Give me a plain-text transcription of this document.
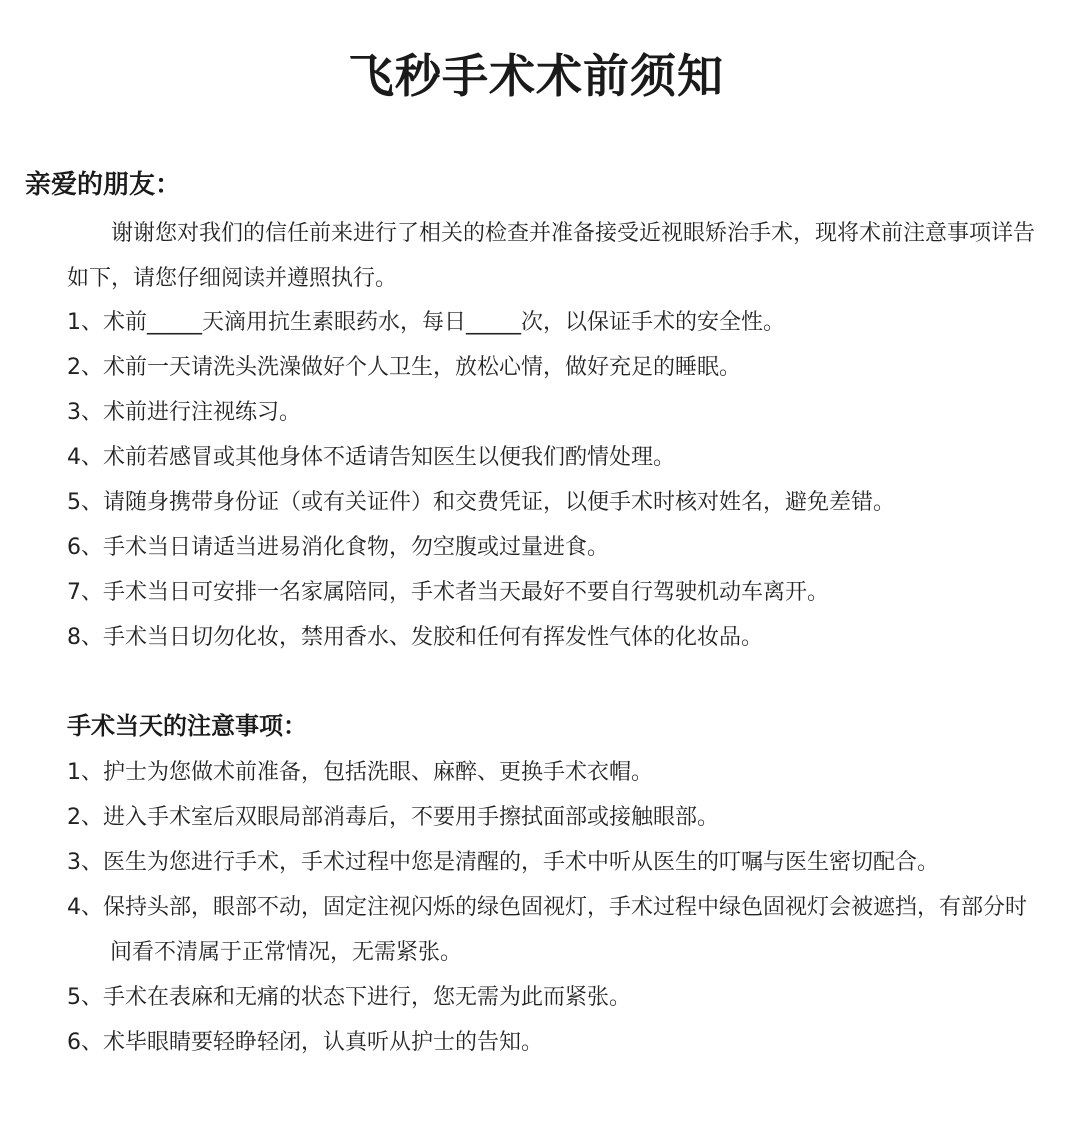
飞秒手术术前须知
亲爱的朋友：
谢谢您对我们的信任前来进行了相关的检查并准备接受近视眼矫治手术，现将术前注意事项详告如下，请您仔细阅读并遵照执行。
1、术前_____天滴用抗生素眼药水，每日_____次，以保证手术的安全性。
2、术前一天请洗头洗澡做好个人卫生，放松心情，做好充足的睡眠。
3、术前进行注视练习。
4、术前若感冒或其他身体不适请告知医生以便我们酌情处理。
5、请随身携带身份证（或有关证件）和交费凭证，以便手术时核对姓名，避免差错。
6、手术当日请适当进易消化食物，勿空腹或过量进食。
7、手术当日可安排一名家属陪同，手术者当天最好不要自行驾驶机动车离开。
8、手术当日切勿化妆，禁用香水、发胶和任何有挥发性气体的化妆品。
手术当天的注意事项：
1、护士为您做术前准备，包括洗眼、麻醉、更换手术衣帽。
2、进入手术室后双眼局部消毒后，不要用手擦拭面部或接触眼部。
3、医生为您进行手术，手术过程中您是清醒的，手术中听从医生的叮嘱与医生密切配合。
4、保持头部，眼部不动，固定注视闪烁的绿色固视灯，手术过程中绿色固视灯会被遮挡，有部分时间看不清属于正常情况，无需紧张。
5、手术在表麻和无痛的状态下进行，您无需为此而紧张。
6、术毕眼睛要轻睁轻闭，认真听从护士的告知。
